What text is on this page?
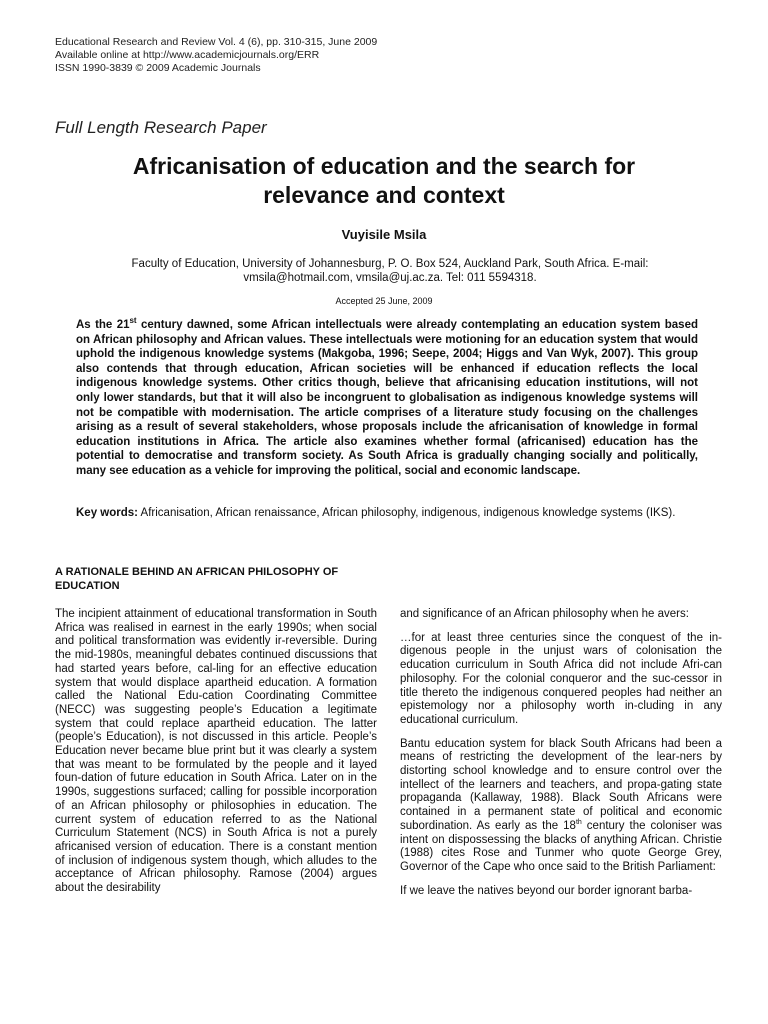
Educational Research and Review Vol. 4 (6), pp. 310-315, June 2009
Available online at http://www.academicjournals.org/ERR
ISSN 1990-3839 © 2009 Academic Journals
Full Length Research Paper
Africanisation of education and the search for
relevance and context
Vuyisile Msila
Faculty of Education, University of Johannesburg, P. O. Box 524, Auckland Park, South Africa. E-mail:
vmsila@hotmail.com, vmsila@uj.ac.za. Tel: 011 5594318.
Accepted 25 June, 2009
As the 21st century dawned, some African intellectuals were already contemplating an education system based on African philosophy and African values. These intellectuals were motioning for an education system that would uphold the indigenous knowledge systems (Makgoba, 1996; Seepe, 2004; Higgs and Van Wyk, 2007). This group also contends that through education, African societies will be enhanced if education reflects the local indigenous knowledge systems. Other critics though, believe that africanising education institutions, will not only lower standards, but that it will also be incongruent to globalisation as indigenous knowledge systems will not be compatible with modernisation. The article comprises of a literature study focusing on the challenges arising as a result of several stakeholders, whose proposals include the africanisation of knowledge in formal education institutions in Africa. The article also examines whether formal (africanised) education has the potential to democratise and transform society. As South Africa is gradually changing socially and politically, many see education as a vehicle for improving the political, social and economic landscape.
Key words: Africanisation, African renaissance, African philosophy, indigenous, indigenous knowledge systems (IKS).
A RATIONALE BEHIND AN AFRICAN PHILOSOPHY OF EDUCATION

The incipient attainment of educational transformation in South Africa was realised in earnest in the early 1990s; when social and political transformation was evidently ir-reversible. During the mid-1980s, meaningful debates continued discussions that had started years before, cal-ling for an effective education system that would displace apartheid education. A formation called the National Edu-cation Coordinating Committee (NECC) was suggesting people’s Education a legitimate system that could replace apartheid education. The latter (people’s Education), is not discussed in this article. People’s Education never became blue print but it was clearly a system that was meant to be formulated by the people and it layed foun-dation of future education in South Africa. Later on in the 1990s, suggestions surfaced; calling for possible incorporation of an African philosophy or philosophies in education. The current system of education referred to as the National Curriculum Statement (NCS) in South Africa is not a purely africanised version of education. There is a constant mention of inclusion of indigenous system though, which alludes to the acceptance of African philosophy. Ramose (2004) argues about the desirability

and significance of an African philosophy when he avers:

…for at least three centuries since the conquest of the in-digenous people in the unjust wars of colonisation the education curriculum in South Africa did not include Afri-can philosophy. For the colonial conqueror and the suc-cessor in title thereto the indigenous conquered peoples had neither an epistemology nor a philosophy worth in-cluding in any educational curriculum.

Bantu education system for black South Africans had been a means of restricting the development of the lear-ners by distorting school knowledge and to ensure control over the intellect of the learners and teachers, and propa-gating state propaganda (Kallaway, 1988). Black South Africans were contained in a permanent state of political and economic subordination. As early as the 18th century the coloniser was intent on dispossessing the blacks of anything African. Christie (1988) cites Rose and Tunmer who quote George Grey, Governor of the Cape who once said to the British Parliament:

If we leave the natives beyond our border ignorant barba-
